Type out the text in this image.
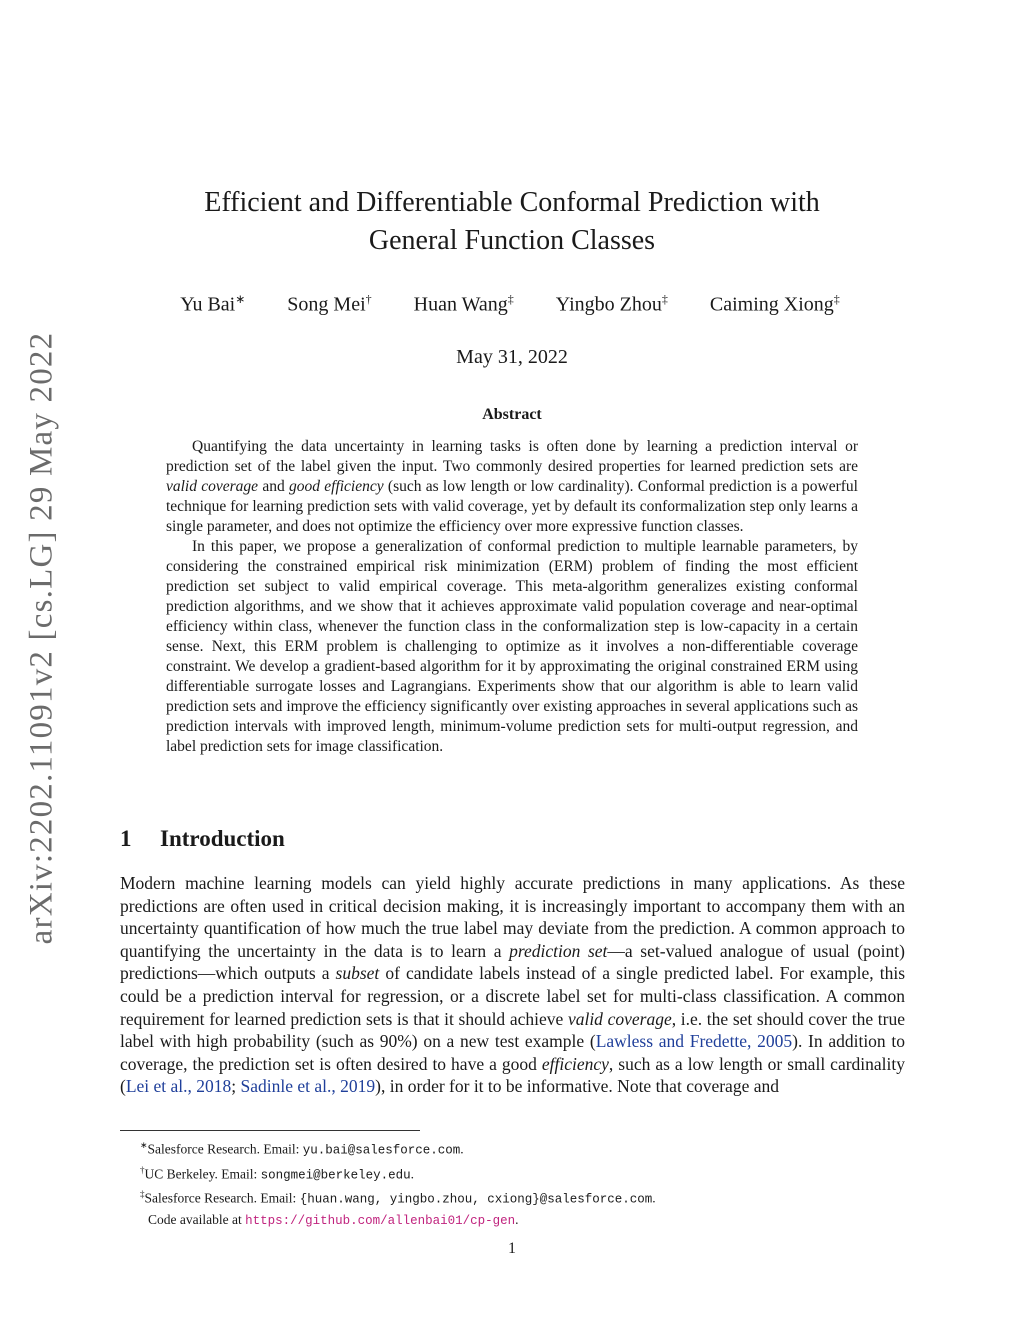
arXiv:2202.11091v2 [cs.LG] 29 May 2022
Efficient and Differentiable Conformal Prediction with
General Function Classes
Yu Bai∗ Song Mei† Huan Wang‡ Yingbo Zhou‡ Caiming Xiong‡
May 31, 2022
Abstract

Quantifying the data uncertainty in learning tasks is often done by learning a prediction interval or prediction set of the label given the input. Two commonly desired properties for learned prediction sets are valid coverage and good efficiency (such as low length or low cardinality). Conformal prediction is a powerful technique for learning prediction sets with valid coverage, yet by default its conformalization step only learns a single parameter, and does not optimize the efficiency over more expressive function classes.

In this paper, we propose a generalization of conformal prediction to multiple learnable parameters, by considering the constrained empirical risk minimization (ERM) problem of finding the most efficient prediction set subject to valid empirical coverage. This meta-algorithm generalizes existing conformal prediction algorithms, and we show that it achieves approximate valid population coverage and near-optimal efficiency within class, whenever the function class in the conformalization step is low-capacity in a certain sense. Next, this ERM problem is challenging to optimize as it involves a non-differentiable coverage constraint. We develop a gradient-based algorithm for it by approximating the original constrained ERM using differentiable surrogate losses and Lagrangians. Experiments show that our algorithm is able to learn valid prediction sets and improve the efficiency significantly over existing approaches in several applications such as prediction intervals with improved length, minimum-volume prediction sets for multi-output regression, and label prediction sets for image classification.

1 Introduction

Modern machine learning models can yield highly accurate predictions in many applications. As these predictions are often used in critical decision making, it is increasingly important to accompany them with an uncertainty quantification of how much the true label may deviate from the prediction. A common approach to quantifying the uncertainty in the data is to learn a prediction set—a set-valued analogue of usual (point) predictions—which outputs a subset of candidate labels instead of a single predicted label. For example, this could be a prediction interval for regression, or a discrete label set for multi-class classification. A common requirement for learned prediction sets is that it should achieve valid coverage, i.e. the set should cover the true label with high probability (such as 90%) on a new test example (Lawless and Fredette, 2005). In addition to coverage, the prediction set is often desired to have a good efficiency, such as a low length or small cardinality (Lei et al., 2018; Sadinle et al., 2019), in order for it to be informative. Note that coverage and

∗Salesforce Research. Email: yu.bai@salesforce.com.
†UC Berkeley. Email: songmei@berkeley.edu.
‡Salesforce Research. Email: {huan.wang, yingbo.zhou, cxiong}@salesforce.com.
Code available at https://github.com/allenbai01/cp-gen.
1
